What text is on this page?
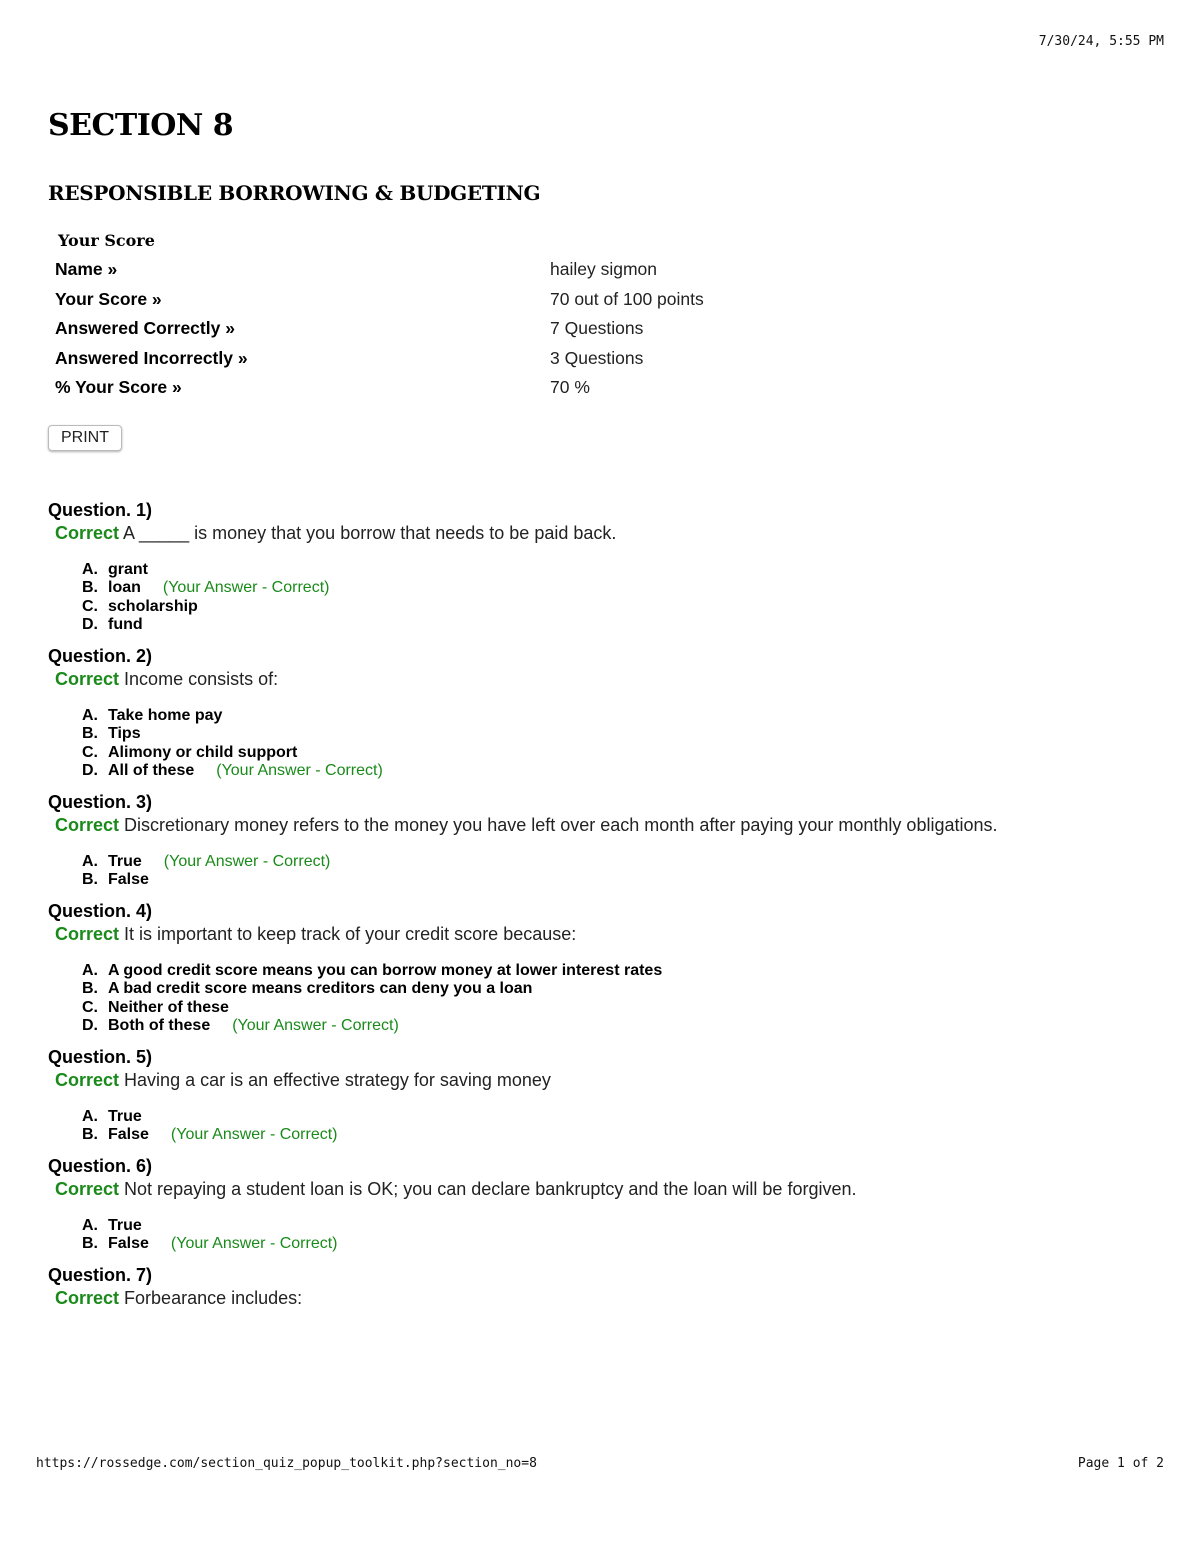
7/30/24, 5:55 PM
SECTION 8
RESPONSIBLE BORROWING & BUDGETING
Your Score
Name »	hailey sigmon
Your Score »	70 out of 100 points
Answered Correctly »	7 Questions
Answered Incorrectly »	3 Questions
% Your Score »	70 %
PRINT
Question. 1)
Correct A _____ is money that you borrow that needs to be paid back.
A. grant
B. loan (Your Answer - Correct)
C. scholarship
D. fund
Question. 2)
Correct Income consists of:
A. Take home pay
B. Tips
C. Alimony or child support
D. All of these (Your Answer - Correct)
Question. 3)
Correct Discretionary money refers to the money you have left over each month after paying your monthly obligations.
A. True (Your Answer - Correct)
B. False
Question. 4)
Correct It is important to keep track of your credit score because:
A. A good credit score means you can borrow money at lower interest rates
B. A bad credit score means creditors can deny you a loan
C. Neither of these
D. Both of these (Your Answer - Correct)
Question. 5)
Correct Having a car is an effective strategy for saving money
A. True
B. False (Your Answer - Correct)
Question. 6)
Correct Not repaying a student loan is OK; you can declare bankruptcy and the loan will be forgiven.
A. True
B. False (Your Answer - Correct)
Question. 7)
Correct Forbearance includes:
https://rossedge.com/section_quiz_popup_toolkit.php?section_no=8	Page 1 of 2
